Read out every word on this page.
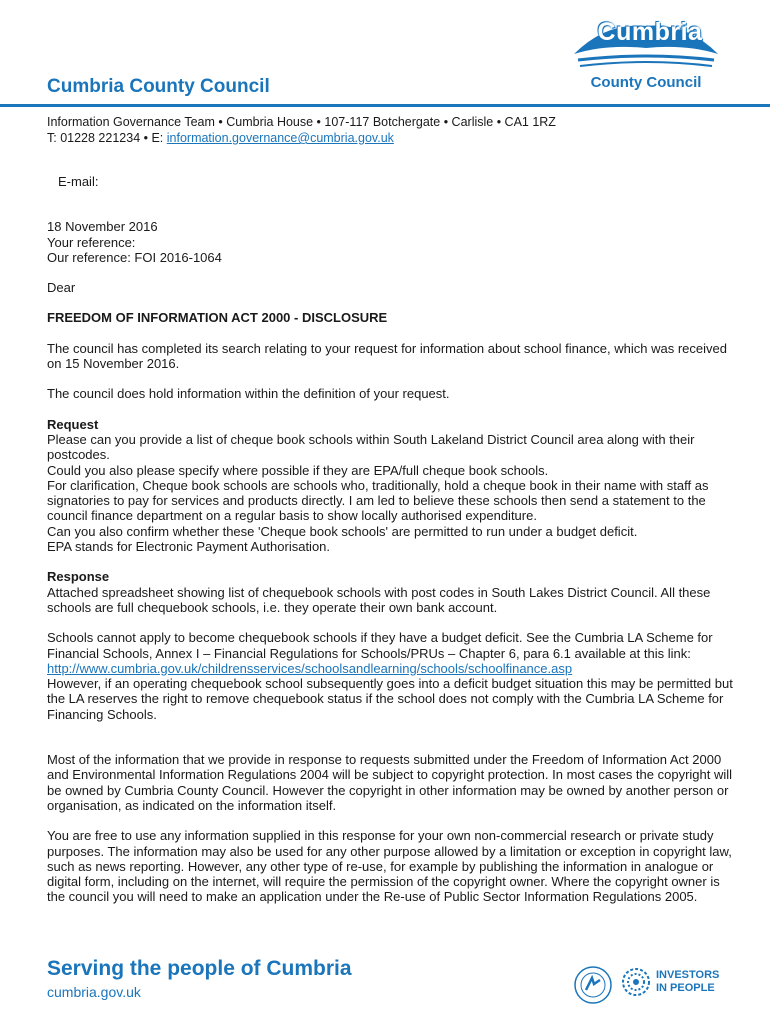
Cumbria County Council
Cumbria
County Council
Information Governance Team • Cumbria House • 107-117 Botchergate • Carlisle • CA1 1RZ
T: 01228 221234 • E: information.governance@cumbria.gov.uk

E-mail:

18 November 2016

Your reference:

Our reference: FOI 2016-1064

Dear

FREEDOM OF INFORMATION ACT 2000 - DISCLOSURE

The council has completed its search relating to your request for information about school finance, which was received on 15 November 2016.

The council does hold information within the definition of your request.

Request

Please can you provide a list of cheque book schools within South Lakeland District Council area along with their postcodes.

Could you also please specify where possible if they are EPA/full cheque book schools.

For clarification, Cheque book schools are schools who, traditionally, hold a cheque book in their name with staff as signatories to pay for services and products directly. I am led to believe these schools then send a statement to the council finance department on a regular basis to show locally authorised expenditure.

Can you also confirm whether these 'Cheque book schools' are permitted to run under a budget deficit.

EPA stands for Electronic Payment Authorisation.

Response

Attached spreadsheet showing list of chequebook schools with post codes in South Lakes District Council. All these schools are full chequebook schools, i.e. they operate their own bank account.

Schools cannot apply to become chequebook schools if they have a budget deficit. See the Cumbria LA Scheme for Financial Schools, Annex I – Financial Regulations for Schools/PRUs – Chapter 6, para 6.1 available at this link:

http://www.cumbria.gov.uk/childrensservices/schoolsandlearning/schools/schoolfinance.asp

However, if an operating chequebook school subsequently goes into a deficit budget situation this may be permitted but the LA reserves the right to remove chequebook status if the school does not comply with the Cumbria LA Scheme for Financing Schools.

Most of the information that we provide in response to requests submitted under the Freedom of Information Act 2000 and Environmental Information Regulations 2004 will be subject to copyright protection. In most cases the copyright will be owned by Cumbria County Council. However the copyright in other information may be owned by another person or organisation, as indicated on the information itself.

You are free to use any information supplied in this response for your own non-commercial research or private study purposes. The information may also be used for any other purpose allowed by a limitation or exception in copyright law, such as news reporting. However, any other type of re-use, for example by publishing the information in analogue or digital form, including on the internet, will require the permission of the copyright owner. Where the copyright owner is the council you will need to make an application under the Re-use of Public Sector Information Regulations 2005.

Serving the people of Cumbria
cumbria.gov.uk
INVESTORS
IN PEOPLE
